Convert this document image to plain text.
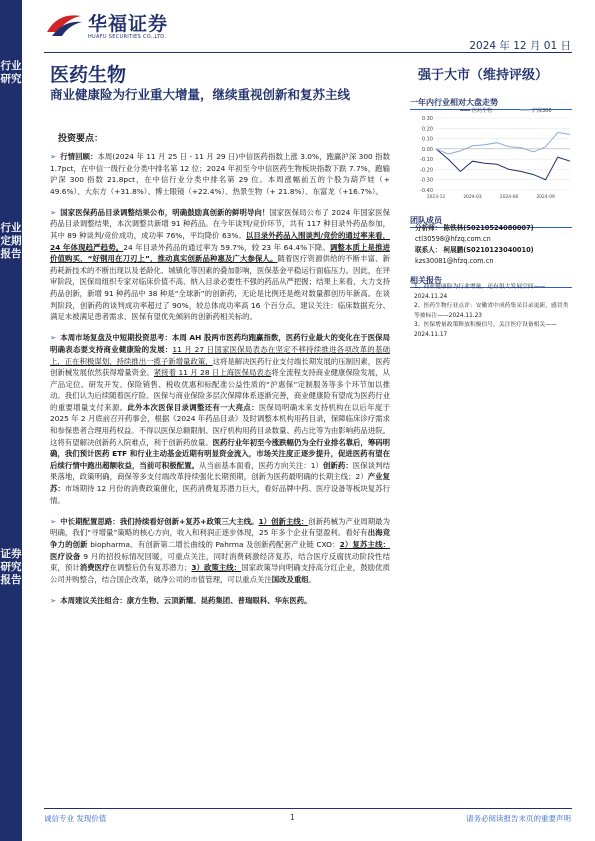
行业研究
行业定期报告
证券研究报告
华福证券
HUAFU SECURITIES CO.,LTD.
2024 年 12 月 01 日
医药生物
商业健康险为行业重大增量，继续重视创新和复苏主线
投资要点：

➢ 行情回顾：本周(2024 年 11 月 25 日 - 11 月 29 日)中信医药指数上涨 3.0%，跑赢沪深 300 指数 1.7pct，在中信一级行业分类中排名第 12 位；2024 年初至今中信医药生物板块指数下跌 7.7%，跑输沪深 300 指数 21.8pct，在中信行业分类中排名第 29 位。本周涨幅前五的个股为葫芦娃（+ 49.6%）、大东方（+31.8%）、博士眼镜（+22.4%）、热景生物（+ 21.8%）、东富龙（+16.7%）。

➢ 国家医保药品目录调整结果公布，明确鼓励真创新的鲜明导向！国家医保局公布了 2024 年国家医保药品目录调整结果，本次调整共新增 91 种药品。在今年谈判/竞价环节，共有 117 种目录外药品参加，其中 89 种谈判/竞价成功，成功率 76%，平均降价 63%。以目录外药品入围谈判/竞价的通过率来看，24 年体现趋严趋势。24 年目录外药品的通过率为 59.7%，较 23 年 64.4%下降。调整本质上是推进价值购买，“好钢用在刀刃上”，推动真实创新品种惠及广大参保人。随着医疗资源供给的不断丰富、新药耗新技术的不断出现以及老龄化、城镇化等因素的叠加影响，医保基金平稳运行面临压力。因此，在评审阶段，医保局组织专家对临床价值不高、纳入目录必要性不强的药品从严把握；结果上来看，大力支持药品创新，新增 91 种药品中 38 种是“全球新”的创新药，无论是比例还是绝对数量都创历年新高。在谈判阶段，创新药的谈判成功率超过了 90%，较总体成功率高 16 个百分点。建议关注：临床数据充分、满足未被满足患者需求、医保有望优先倾斜的创新药相关标的。

➢ 本周市场复盘及中短期投资思考：本周 AH 股两市医药均跑赢指数，医药行业最大的变化在于医保局明确表态要支持商业健康险的发展：11 月 27 日国家医保局表态在坚定不移持续推进各项改革的基础上，正在积极谋划、持续推出一揽子新增量政策，这将是解决医药行业支付端长期发展的压制因素，医药创新械发展依然获得增量资金。紧接着 11 月 28 日上海医保局表态将全流程支持商业健康保险发展，从产品定位、研发开发、保险销售、税收优惠和标配准公益性质的“沪惠保”定制服务等多个环节加以推动。我们认为后续随着医疗险、医保与商业保险多层次保障体系逐渐完善，商业健康险有望成为医药行业的重要增量支付来源。此外本次医保目录调整还有一大亮点：医保局明确未来支持机构在以后年度于 2025 年 2 月底前召开药事会，根据《2024 年药品目录》及时调整本机构用药目录，保障临床诊疗需求和参保患者合理用药权益。不得以医保总额限制、医疗机构用药目录数量、药占比等为由影响药品进院。这将有望解决创新药入院难点，利于创新药放量。医药行业年初至今涨跌幅仍为全行业排名靠后，筹码明确，我们预计医药 ETF 和行业主动基金近期有明显资金流入，市场关注度正逐步提升，促进医药有望在后续行情中跑出超额收益，当前可积极配置。从当前基本面看，医药方向关注：1）创新药：医保谈判结果落地，政策明确，商保等多支付端改革持续强化长期预期，创新为医药最明确的长期主线；2）产业复苏：市场期待 12 月份的消费政策催化，医药消费复苏潜力巨大，看好品牌中药、医疗设备等板块复苏行情。

➢ 中长期配置思路：我们持续看好创新+复苏+政策三大主线。1）创新主线：创新药械为产业周期最为明确，我们“寻增量”策略的核心方向，收入和利润正逐步体现，25 年多个企业有望盈利。看好有出海竞争力的创新 biopharma、有创新第二增长曲线的 Pahrma 及创新药配套产业链 CXO：2）复苏主线：医疗设备 9 月的招投标情况回暖，可重点关注，同时消费刺激经济复苏，结合医疗反腐扰动阶段性结束，预计消费医疗在调整后仍有复苏潜力；3）政策主线：国家政策导向明确支持高分红企业，鼓励优质公司并购整合，结合国企改革，破净公司的市值管理，可以重点关注国改及重组。

➢ 本周建议关注组合：康方生物、云顶新耀、昆药集团、普瑞眼科、华东医药。

强于大市（维持评级）
一年内行业相对大盘走势
0.30
0.20
0.10
0.00
-0.10
-0.20
-0.30
-0.40
2023-12	2024-03	2024-06	2024-09
医药生物	沪深300
团队成员
分析师： 陈铁林(S0210524080007)
ctl30598@hfzq.com.cn
联系人： 柯展鹏(S0210123040010)
kzs30081@hfzq.com.cn
相关报告
1、商业健康险为行业增量，还有很大发展空间——2024.11.24
2、医药生物行业点评：安徽省中成药集采目录更新，感冒类等被标注——2024.11.23
3、医保增量政策释放积极信号，关注医疗设备相关——2024.11.17
诚信专业 发现价值	1	请务必阅读报告末页的重要声明
